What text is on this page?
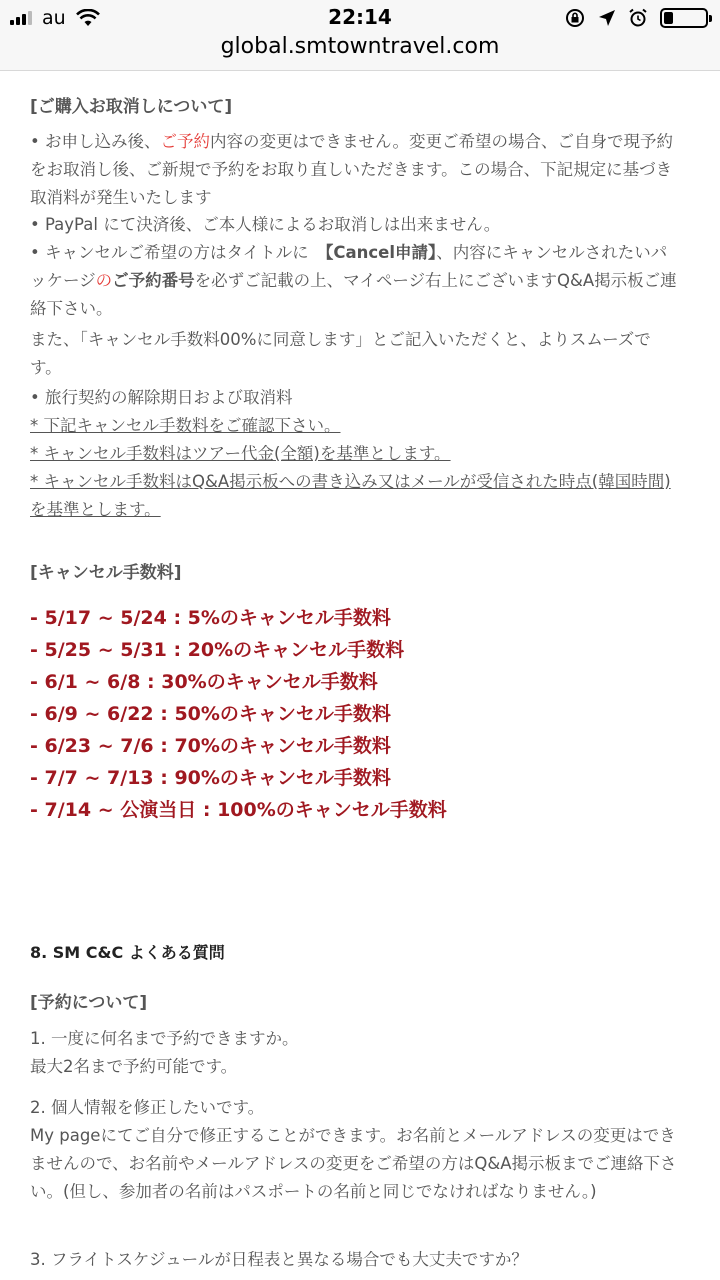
au	22:14
global.smtowntravel.com
[ご購入お取消しについて]

• お申し込み後、ご予約内容の変更はできません。変更ご希望の場合、ご自身で現予約をお取消し後、ご新規で予約をお取り直しいただきます。この場合、下記規定に基づき取消料が発生いたします

• PayPal にて決済後、ご本人様によるお取消しは出来ません。

• キャンセルご希望の方はタイトルに　【Cancel申請】、内容にキャンセルされたいパッケージのご予約番号を必ずご記載の上、マイページ右上にございますQ&A掲示板ご連絡下さい。

また、「キャンセル手数料00%に同意します」とご記入いただくと、よりスムーズです。

• 旅行契約の解除期日および取消料

* 下記キャンセル手数料をご確認下さい。

* キャンセル手数料はツアー代金(全額)を基準とします。

* キャンセル手数料はQ&A掲示板への書き込み又はメールが受信された時点(韓国時間)を基準とします。

[キャンセル手数料]

- 5/17 ~ 5/24 : 5%のキャンセル手数料

- 5/25 ~ 5/31 : 20%のキャンセル手数料

- 6/1 ~ 6/8 : 30%のキャンセル手数料

- 6/9 ~ 6/22 : 50%のキャンセル手数料

- 6/23 ~ 7/6 : 70%のキャンセル手数料

- 7/7 ~ 7/13 : 90%のキャンセル手数料

- 7/14 ~ 公演当日 : 100%のキャンセル手数料

8. SM C&C よくある質問
[予約について]

1. 一度に何名まで予約できますか。

最大2名まで予約可能です。

2. 個人情報を修正したいです。

My pageにてご自分で修正することができます。お名前とメールアドレスの変更はできませんので、お名前やメールアドレスの変更をご希望の方はQ&A掲示板までご連絡下さい。(但し、参加者の名前はパスポートの名前と同じでなければなりません。)

3. フライトスケジュールが日程表と異なる場合でも大丈夫ですか？
